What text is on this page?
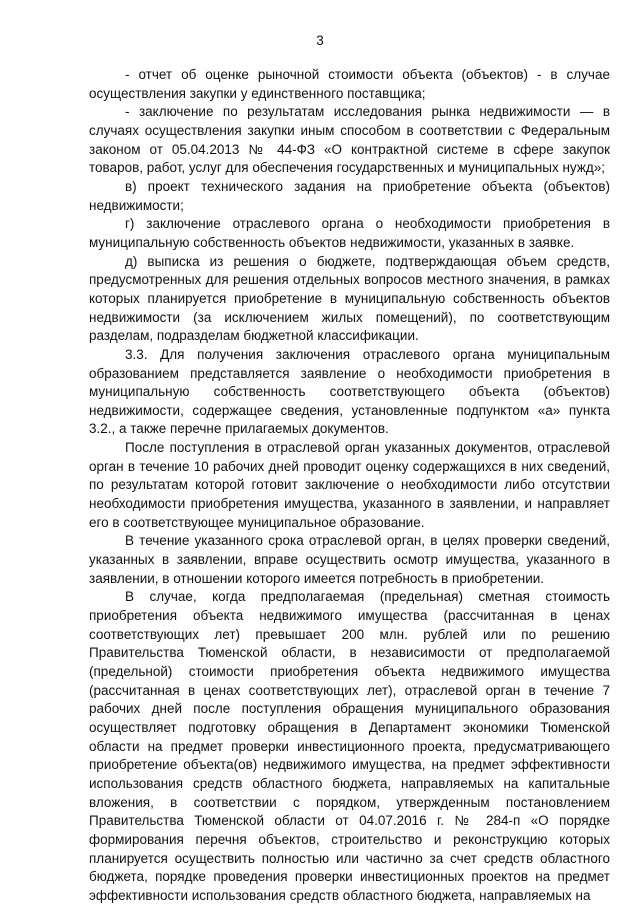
3

- отчет об оценке рыночной стоимости объекта (объектов) - в случае осуществления закупки у единственного поставщика;

- заключение по результатам исследования рынка недвижимости — в случаях осуществления закупки иным способом в соответствии с Федеральным законом от 05.04.2013 № 44-ФЗ «О контрактной системе в сфере закупок товаров, работ, услуг для обеспечения государственных и муниципальных нужд»;

в) проект технического задания на приобретение объекта (объектов) недвижимости;

г) заключение отраслевого органа о необходимости приобретения в муниципальную собственность объектов недвижимости, указанных в заявке.

д) выписка из решения о бюджете, подтверждающая объем средств, предусмотренных для решения отдельных вопросов местного значения, в рамках которых планируется приобретение в муниципальную собственность объектов недвижимости (за исключением жилых помещений), по соответствующим разделам, подразделам бюджетной классификации.

3.3. Для получения заключения отраслевого органа муниципальным образованием представляется заявление о необходимости приобретения в муниципальную собственность соответствующего объекта (объектов) недвижимости, содержащее сведения, установленные подпунктом «а» пункта 3.2., а также перечне прилагаемых документов.

После поступления в отраслевой орган указанных документов, отраслевой орган в течение 10 рабочих дней проводит оценку содержащихся в них сведений, по результатам которой готовит заключение о необходимости либо отсутствии необходимости приобретения имущества, указанного в заявлении, и направляет его в соответствующее муниципальное образование.

В течение указанного срока отраслевой орган, в целях проверки сведений, указанных в заявлении, вправе осуществить осмотр имущества, указанного в заявлении, в отношении которого имеется потребность в приобретении.

В случае, когда предполагаемая (предельная) сметная стоимость приобретения объекта недвижимого имущества (рассчитанная в ценах соответствующих лет) превышает 200 млн. рублей или по решению Правительства Тюменской области, в независимости от предполагаемой (предельной) стоимости приобретения объекта недвижимого имущества (рассчитанная в ценах соответствующих лет), отраслевой орган в течение 7 рабочих дней после поступления обращения муниципального образования осуществляет подготовку обращения в Департамент экономики Тюменской области на предмет проверки инвестиционного проекта, предусматривающего приобретение объекта(ов) недвижимого имущества, на предмет эффективности использования средств областного бюджета, направляемых на капитальные вложения, в соответствии с порядком, утвержденным постановлением Правительства Тюменской области от 04.07.2016 г. № 284-п «О порядке формирования перечня объектов, строительство и реконструкцию которых планируется осуществить полностью или частично за счет средств областного бюджета, порядке проведения проверки инвестиционных проектов на предмет эффективности использования средств областного бюджета, направляемых на
